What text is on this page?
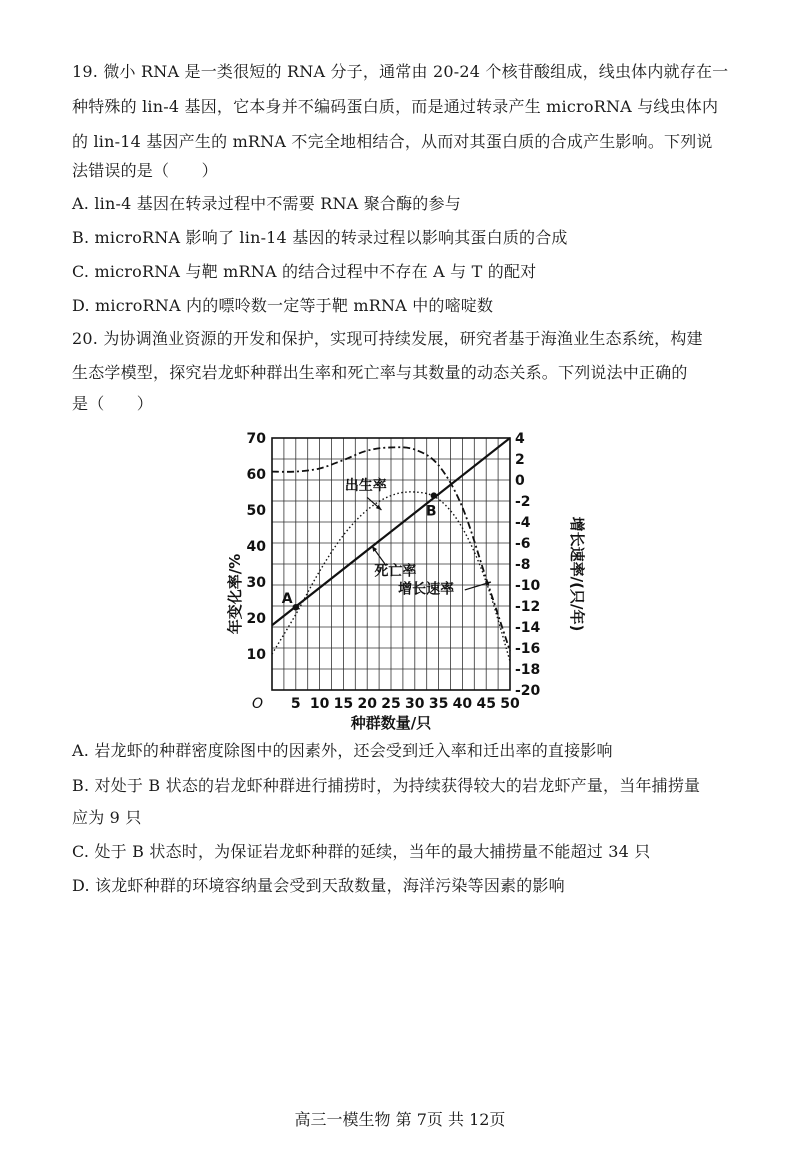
19. 微小 RNA 是一类很短的 RNA 分子，通常由 20-24 个核苷酸组成，线虫体内就存在一
种特殊的 lin-4 基因，它本身并不编码蛋白质，而是通过转录产生 microRNA 与线虫体内
的 lin-14 基因产生的 mRNA 不完全地相结合，从而对其蛋白质的合成产生影响。下列说
法错误的是（　　）
A. lin-4 基因在转录过程中不需要 RNA 聚合酶的参与
B. microRNA 影响了 lin-14 基因的转录过程以影响其蛋白质的合成
C. microRNA 与靶 mRNA 的结合过程中不存在 A 与 T 的配对
D. microRNA 内的嘌呤数一定等于靶 mRNA 中的嘧啶数
20. 为协调渔业资源的开发和保护，实现可持续发展，研究者基于海渔业生态系统，构建
生态学模型，探究岩龙虾种群出生率和死亡率与其数量的动态关系。下列说法中正确的
是（　　）
5 10 15 20 25 30 35 40 45 50
O
10
20
30
40
50
60
70	4
2
0
-2
-4
-6
-8
-10
-12
-14
-16
-18
-20
种群数量/只
年变化率/%	增长速率/(只/年)
A
B
出生率
死亡率
增长速率
A. 岩龙虾的种群密度除图中的因素外，还会受到迁入率和迁出率的直接影响
B. 对处于 B 状态的岩龙虾种群进行捕捞时，为持续获得较大的岩龙虾产量，当年捕捞量
应为 9 只
C. 处于 B 状态时，为保证岩龙虾种群的延续，当年的最大捕捞量不能超过 34 只
D. 该龙虾种群的环境容纳量会受到天敌数量，海洋污染等因素的影响
高三一模生物 第 7页 共 12页
